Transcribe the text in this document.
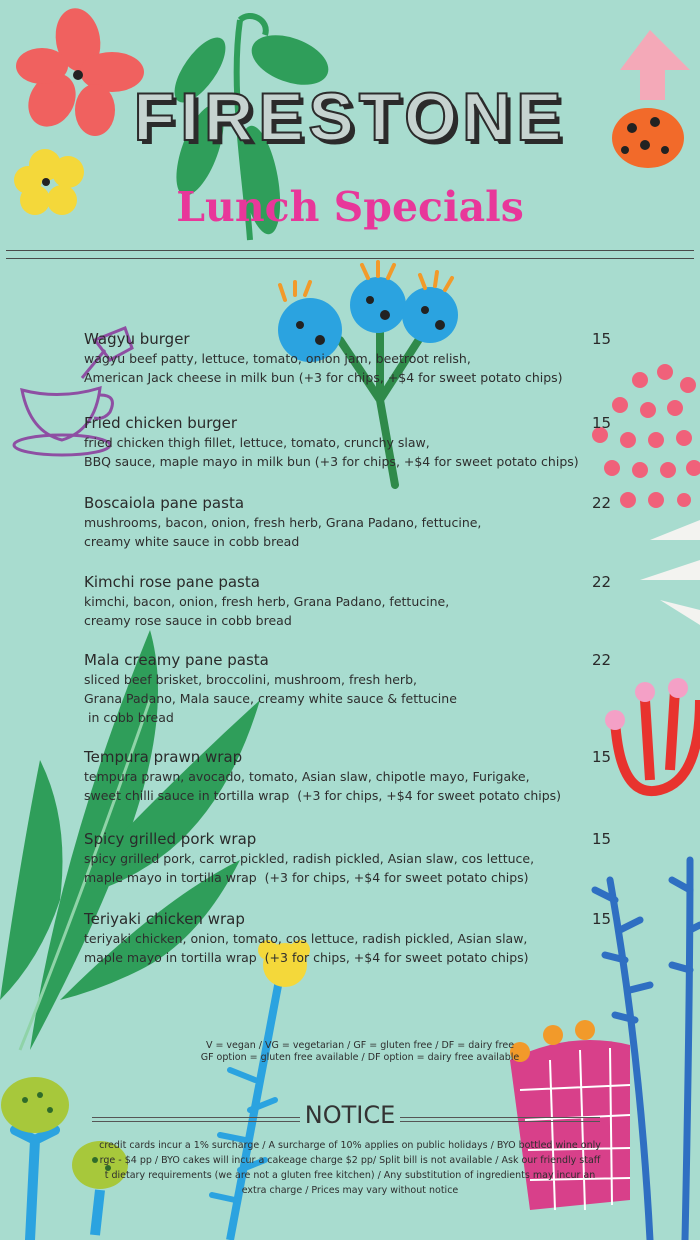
FIRESTONE
Lunch Specials
Wagyu burger
wagyu beef patty, lettuce, tomato, onion jam, beetroot relish,
American Jack cheese in milk bun (+3 for chips, +$4 for sweet potato chips)
15
Fried chicken burger
fried chicken thigh fillet, lettuce, tomato, crunchy slaw,
BBQ sauce, maple mayo in milk bun (+3 for chips, +$4 for sweet potato chips)
15
Boscaiola pane pasta
mushrooms, bacon, onion, fresh herb, Grana Padano, fettucine,
creamy white sauce in cobb bread
22
Kimchi rose pane pasta
kimchi, bacon, onion, fresh herb, Grana Padano, fettucine,
creamy rose sauce in cobb bread
22
Mala creamy pane pasta
sliced beef brisket, broccolini, mushroom, fresh herb,
Grana Padano, Mala sauce, creamy white sauce & fettucine
in cobb bread
22
Tempura prawn wrap
tempura prawn, avocado, tomato, Asian slaw, chipotle mayo, Furigake,
sweet chilli sauce in tortilla wrap  (+3 for chips, +$4 for sweet potato chips)
15
Spicy grilled pork wrap
spicy grilled pork, carrot pickled, radish pickled, Asian slaw, cos lettuce,
maple mayo in tortilla wrap  (+3 for chips, +$4 for sweet potato chips)
15
Teriyaki chicken wrap
teriyaki chicken, onion, tomato, cos lettuce, radish pickled, Asian slaw,
maple mayo in tortilla wrap  (+3 for chips, +$4 for sweet potato chips)
15
V = vegan / VG = vegetarian / GF = gluten free / DF = dairy free
GF option = gluten free available / DF option = dairy free available
NOTICE
credit cards incur a 1% surcharge / A surcharge of 10% applies on public holidays / BYO bottled wine only
rge - $4 pp / BYO cakes will incur a cakeage charge $2 pp/ Split bill is not available / Ask our friendly staff
t dietary requirements (we are not a gluten free kitchen) / Any substitution of ingredients may incur an
extra charge / Prices may vary without notice
